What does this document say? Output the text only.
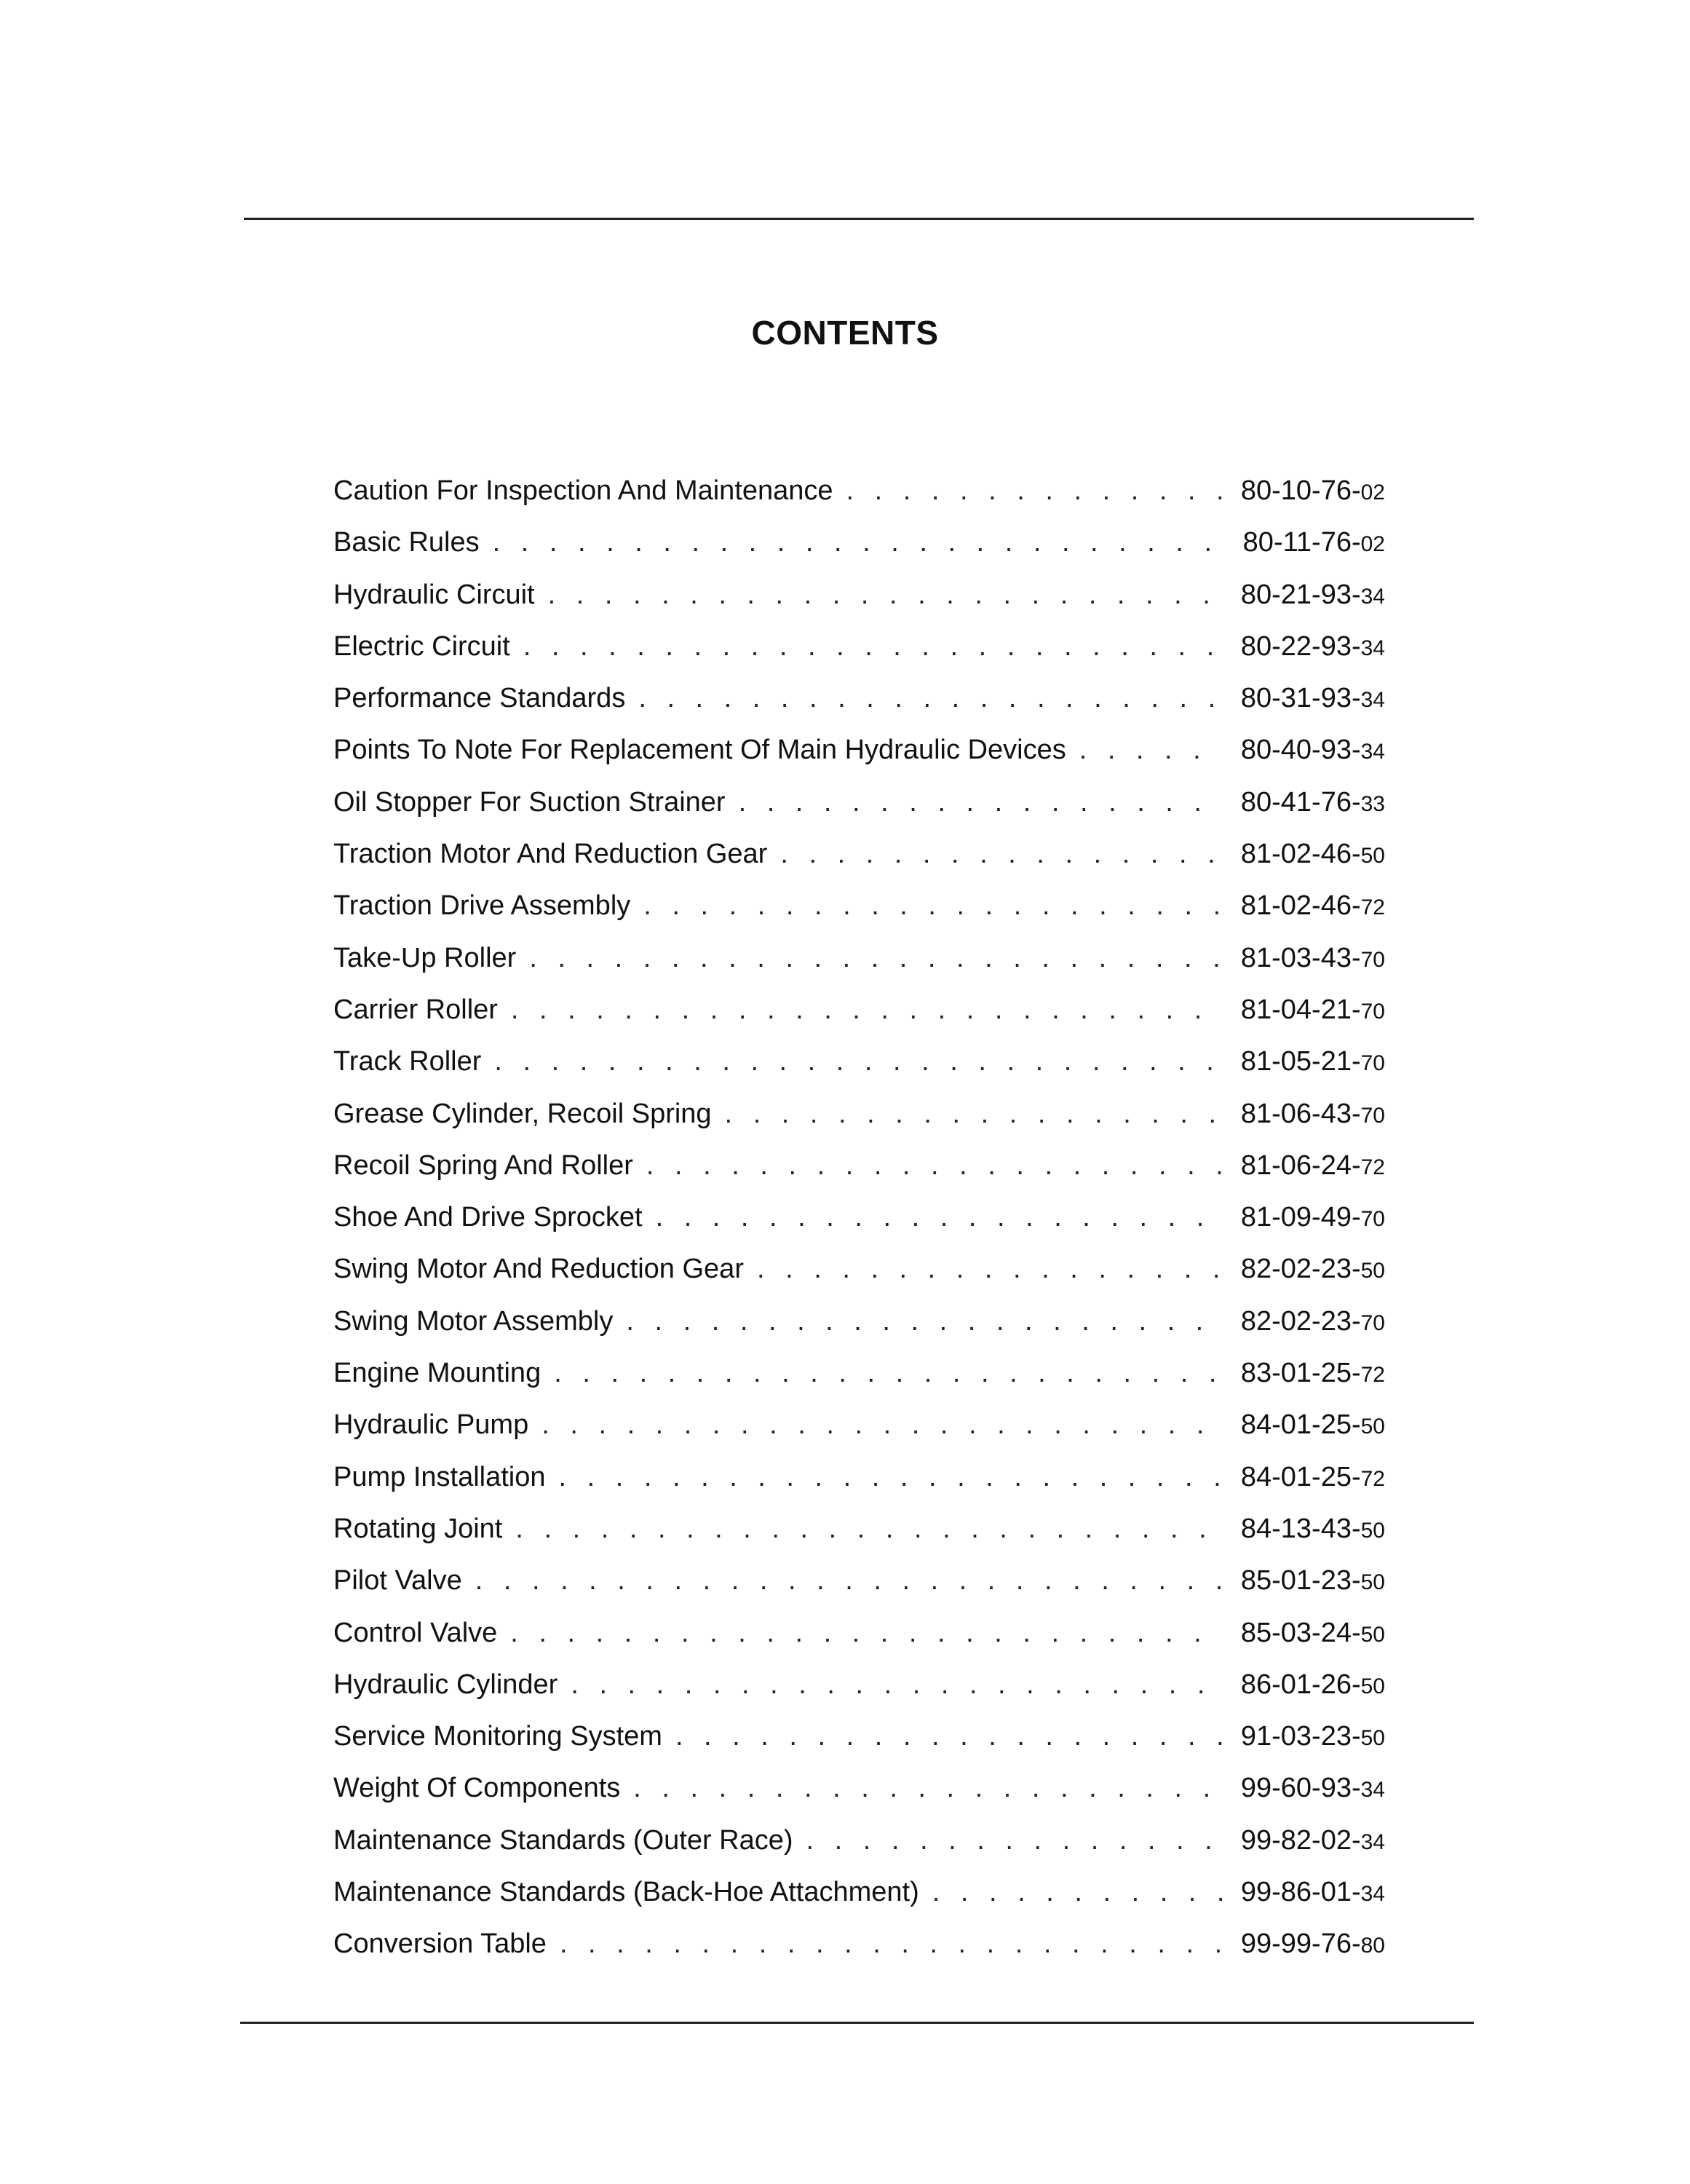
CONTENTS
Caution For Inspection And Maintenance . . .	80-10-76-02
Basic Rules . . .	80-11-76-02
Hydraulic Circuit . . .	80-21-93-34
Electric Circuit . . .	80-22-93-34
Performance Standards . . .	80-31-93-34
Points To Note For Replacement Of Main Hydraulic Devices . . .	80-40-93-34
Oil Stopper For Suction Strainer . . .	80-41-76-33
Traction Motor And Reduction Gear . . .	81-02-46-50
Traction Drive Assembly . . .	81-02-46-72
Take-Up Roller . . .	81-03-43-70
Carrier Roller . . .	81-04-21-70
Track Roller . . .	81-05-21-70
Grease Cylinder, Recoil Spring . . .	81-06-43-70
Recoil Spring And Roller . . .	81-06-24-72
Shoe And Drive Sprocket . . .	81-09-49-70
Swing Motor And Reduction Gear . . .	82-02-23-50
Swing Motor Assembly . . .	82-02-23-70
Engine Mounting . . .	83-01-25-72
Hydraulic Pump . . .	84-01-25-50
Pump Installation . . .	84-01-25-72
Rotating Joint . . .	84-13-43-50
Pilot Valve . . .	85-01-23-50
Control Valve . . .	85-03-24-50
Hydraulic Cylinder . . .	86-01-26-50
Service Monitoring System . . .	91-03-23-50
Weight Of Components . . .	99-60-93-34
Maintenance Standards (Outer Race) . . .	99-82-02-34
Maintenance Standards (Back-Hoe Attachment) . . .	99-86-01-34
Conversion Table . . .	99-99-76-80
